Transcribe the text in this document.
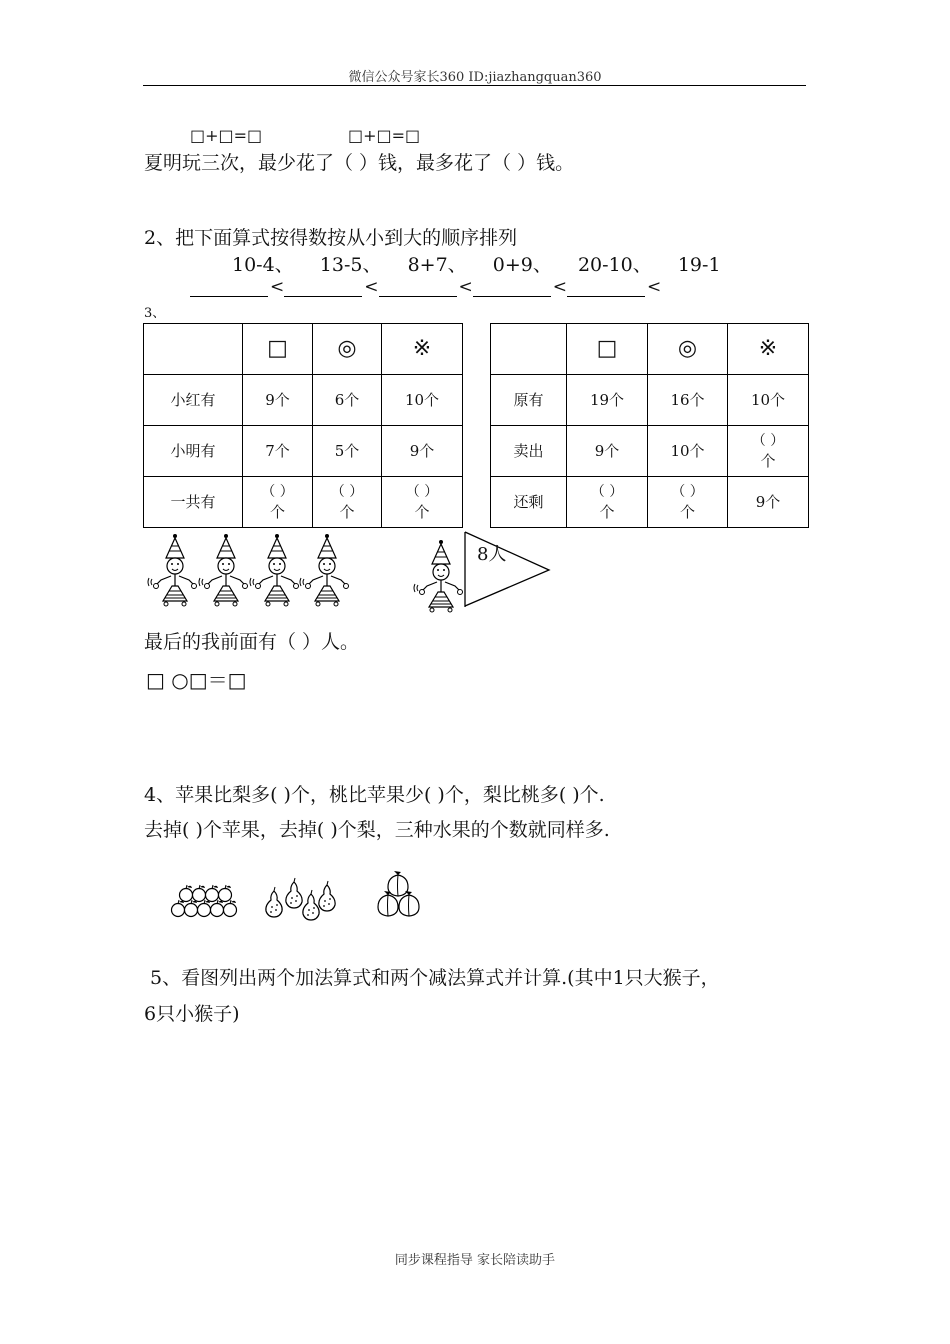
微信公众号家长360 ID:jiazhangquan360
□+□=□	□+□=□
夏明玩三次，最少花了（ ）钱，最多花了（ ）钱。
2、把下面算式按得数按从小到大的顺序排列
10-4、 13-5、 8+7、 0+9、 20-10、 19-1
<	<	<	<	<
3、
	□	◎	※
小红有	9个	6个	10个
小明有	7个	5个	9个
一共有	（ ）
个	（ ）
个	（ ）
个
	□	◎	※
原有	19个	16个	10个
卖出	9个	10个	（ ）
个
还剩	（ ）
个	（ ）
个	9个
8人
最后的我前面有（ ）人。
□ ○□＝□
4、苹果比梨多( )个，桃比苹果少( )个，梨比桃多( )个.
去掉( )个苹果，去掉( )个梨，三种水果的个数就同样多.
5、看图列出两个加法算式和两个减法算式并计算.(其中1只大猴子，
6只小猴子)
同步课程指导 家长陪读助手
